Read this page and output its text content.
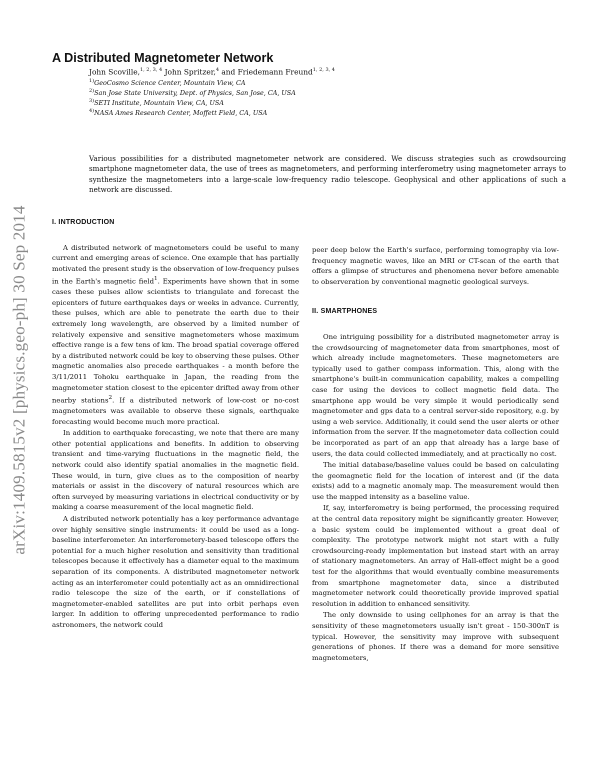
arXiv:1409.5815v2 [physics.geo-ph] 30 Sep 2014
A Distributed Magnetometer Network
John Scoville,$^{1, 2, 3, 4}$ John Spritzer,$^4$ and Friedemann Freund$^{1, 2, 3, 4}$
$^{1)}$GeoCosmo Science Center, Mountain View, CA
$^{2)}$San Jose State University, Dept. of Physics, San Jose, CA, USA
$^{3)}$SETI Institute, Mountain View, CA, USA
$^{4)}$NASA Ames Research Center, Moffett Field, CA, USA
Various possibilities for a distributed magnetometer network are considered. We discuss strategies such as crowdsourcing smartphone magnetometer data, the use of trees as magnetometers, and performing interferometry using magnetometer arrays to synthesize the magnetometers into a large-scale low-frequency radio telescope. Geophysical and other applications of such a network are discussed.
I. INTRODUCTION

A distributed network of magnetometers could be useful to many current and emerging areas of science. One example that has partially motivated the present study is the observation of low-frequency pulses in the Earth's magnetic field$^1$. Experiments have shown that in some cases these pulses allow scientists to triangulate and forecast the epicenters of future earthquakes days or weeks in advance. Currently, these pulses, which are able to penetrate the earth due to their extremely long wavelength, are observed by a limited number of relatively expensive and sensitive magnetometers whose maximum effective range is a few tens of km. The broad spatial coverage offered by a distributed network could be key to observing these pulses. Other magnetic anomalies also precede earthquakes - a month before the 3/11/2011 Tohoku earthquake in Japan, the reading from the magnetometer station closest to the epicenter drifted away from other nearby stations$^2$. If a distributed network of low-cost or no-cost magnetometers was available to observe these signals, earthquake forecasting would become much more practical.

In addition to earthquake forecasting, we note that there are many other potential applications and benefits. In addition to observing transient and time-varying fluctuations in the magnetic field, the network could also identify spatial anomalies in the magnetic field. These would, in turn, give clues as to the composition of nearby materials or assist in the discovery of natural resources which are often surveyed by measuring variations in electrical conductivity or by making a coarse measurement of the local magnetic field.

A distributed network potentially has a key performance advantage over highly sensitive single instruments: it could be used as a long-baseline interferometer. An interferometery-based telescope offers the potential for a much higher resolution and sensitivity than traditional telescopes because it effectively has a diameter equal to the maximum separation of its components. A distributed magnetometer network acting as an interferometer could potentially act as an omnidirectional radio telescope the size of the earth, or if constellations of magnetometer-enabled satellites are put into orbit perhaps even larger. In addition to offering unprecedented performance to radio astronomers, the network could

peer deep below the Earth's surface, performing tomography via low-frequency magnetic waves, like an MRI or CT-scan of the earth that offers a glimpse of structures and phenomena never before amenable to observeration by conventional magnetic geological surveys.

II. SMARTPHONES

One intriguing possibility for a distributed magnetometer array is the crowdsourcing of magnetometer data from smartphones, most of which already include magnetometers. These magnetometers are typically used to gather compass information. This, along with the smartphone's built-in communication capability, makes a compelling case for using the devices to collect magnetic field data. The smartphone app would be very simple it would periodically send magnetometer and gps data to a central server-side repository, e.g. by using a web service. Additionally, it could send the user alerts or other information from the server. If the magnetometer data collection could be incorporated as part of an app that already has a large base of users, the data could collected immediately, and at practically no cost.

The initial database/baseline values could be based on calculating the geomagnetic field for the location of interest and (if the data exists) add to a magnetic anomaly map. The measurement would then use the mapped intensity as a baseline value.

If, say, interferometry is being performed, the processing required at the central data repository might be significantly greater. However, a basic system could be implemented without a great deal of complexity. The prototype network might not start with a fully crowdsourcing-ready implementation but instead start with an array of stationary magnetometers. An array of Hall-effect might be a good test for the algorithms that would eventually combine measurements from smartphone magnetometer data, since a distributed magnetometer network could theoretically provide improved spatial resolution in addition to enhanced sensitivity.

The only downside to using cellphones for an array is that the sensitivity of these magnetometers usually isn't great - 150-300nT is typical. However, the sensitivity may improve with subsequent generations of phones. If there was a demand for more sensitive magnetometers,
